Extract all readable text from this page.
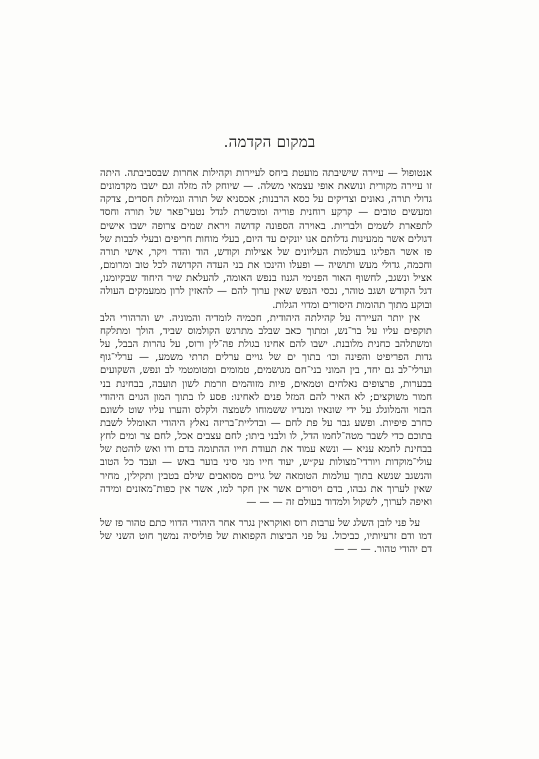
במקום הקדמה.

אנטופול — עיירה שישיבתה מועטת ביחס לעיירות וקהילות אחרות שבסביבתה. היתה זו עיירה מקורית ונושאת אופי עצמאי משלה. — שיוחק לה מזלה וגם ישבו מקדמונים גדולי תורה, גאונים וצדיקים על כסא הרבנות; אכסניא של תורה וגמילות חסדים, צדקה ומעשים טובים — קרקע רוחנית פוריה ומוכשרת לגדל נטעי־פאר של תורה וחסד לתפארת לשמים ולבריות. באוירה הספונה קדושה ויראת שמים צרופה ישבו אישים דגולים אשר ממעינות גדלותם אנו יונקים עד היום, בעלי מוחות חריפים ובעלי לבבות של פז אשר הפליגו בעולמות העליונים של אצילות וקודש, הוד והדר ויקר, אישי תורה וחכמה, גדולי מעש ותושיה — ופעלו והינכו את בני העדה הקדושה לכל טוב ומרומם, אציל ונשגב, לחשוף האור הפנימי הגנוז בנפש האומה, להעלאת שיר היחוד שבקיומנו, דגל הקודש ושגב טוהר, נכסי הנפש שאין ערוך להם — להאזין לרון ממעמקים העולה ובוקע מתוך תהומות היסורים ומדוי הגלות.

אין יותר העיירה על קהילתה היהודית, חכמיה לומדיה והמוניה. יש והרהורי הלב תוקפים עליו על בר־נש, ומתוך כאב שבלב מתרגש הקולמוס שביד, הולך ומתלקח ומשתלהב כחנית מלובנת. ישבו להם אחינו בגולת פה־לין ורוס, על נהרות הבבל, על גדות הפריפיט והפינה וכו׳ בתוך ים של גויים ערלים תרתי משמע, — ערלי־גוף וערלי־לב גם יחד, בין המוני בני־חם מגושמים, טמומים ומטומטמי לב ונפש, השקועים בבערות, פרצופים נאלחים וטמאים, פיות מזוהמים וזרמת לשון תועבה, בבחינת בני חמור משוקצים; לא האיר להם המזל פנים לאחינו: פסע לו בתוך המון הגוים היהודי הבזוי והמלוגלג על ידי שונאיו ומנדיו ששמוחו לשמצה ולקלס והערו עליו שוט לשונם כחרב פיפיות. ופשע גבר על פת לחם — ובדליית־בריזה נאלץ היהודי האומלל לשבת בתוכם כדי לשבר מטה־לחמו הדל, לו ולבני ביתו; לחם עצבים אכל, לחם צר ומים לחץ בבחינת לחמא עניא — ונשא עמוד את תעודת חייו ההתומה בדם ודו ואש לוהטת של עולי־מוקדות ויורדי־מצולות עק״ש, יעוד חייו מני סיני בוער באש — ועבד כל הטוב והנשגב שנשא בתוך עולמות הטומאה של גויים מסואבים שילם בטבין ותקילין, מחיר שאין לערוך את גבהו, בדם ויסורים אשר אין חקר למו, אשר אין כפות־מאזנים ומידה ואיפה לערוך, לשקול ולמדוד בעולם זה — — —

על פני לובן השלג של ערבות רוס ואוקראין נגרר אחר היהודי הדווי כתם טהור פז של דמו ודם זרעיותיו, כביכול. על פני הביצות הקפואות של פוליסיה נמשך חוט השני של דם יהודי טהור. — — —
